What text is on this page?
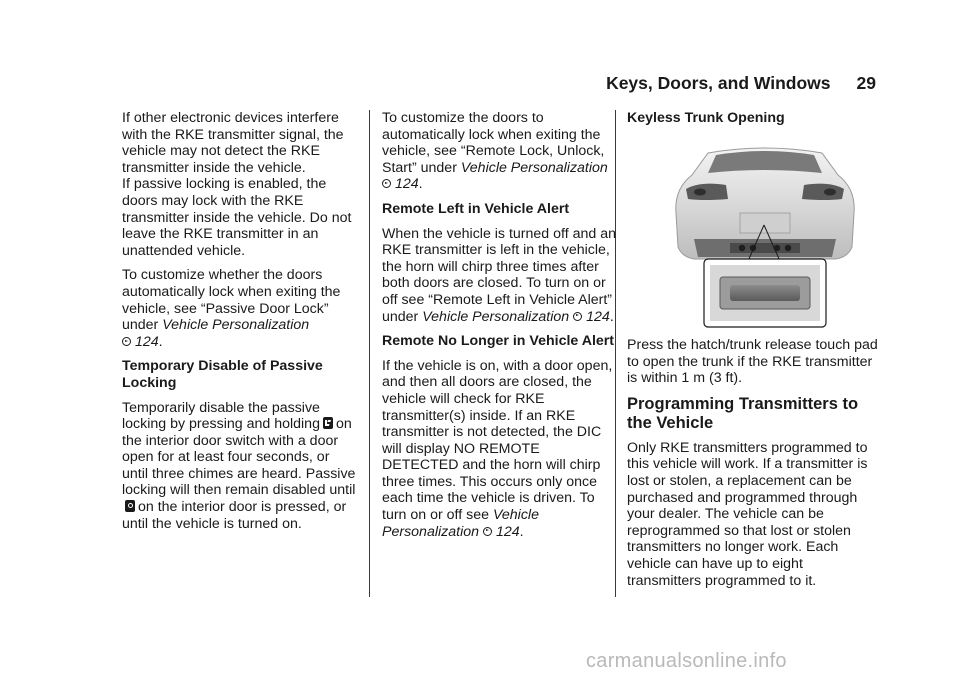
Keys, Doors, and Windows 29

If other electronic devices interfere with the RKE transmitter signal, the vehicle may not detect the RKE transmitter inside the vehicle.

If passive locking is enabled, the doors may lock with the RKE transmitter inside the vehicle. Do not leave the RKE transmitter in an unattended vehicle.

To customize whether the doors automatically lock when exiting the vehicle, see “Passive Door Lock” under Vehicle Personalization
124.

Temporary Disable of Passive Locking

Temporarily disable the passive locking by pressing and holding on the interior door switch with a door open for at least four seconds, or until three chimes are heard. Passive locking will then remain disabled untilon the interior door is pressed, or until the vehicle is turned on.

To customize the doors to automatically lock when exiting the vehicle, see “Remote Lock, Unlock, Start” under Vehicle Personalization
124.

Remote Left in Vehicle Alert

When the vehicle is turned off and an RKE transmitter is left in the vehicle, the horn will chirp three times after both doors are closed. To turn on or off see “Remote Left in Vehicle Alert” under Vehicle Personalization 124.

Remote No Longer in Vehicle Alert

If the vehicle is on, with a door open, and then all doors are closed, the vehicle will check for RKE transmitter(s) inside. If an RKE transmitter is not detected, the DIC will display NO REMOTE DETECTED and the horn will chirp three times. This occurs only once each time the vehicle is driven. To turn on or off see Vehicle Personalization 124.

Keyless Trunk Opening

Press the hatch/trunk release touch pad to open the trunk if the RKE transmitter is within 1 m (3 ft).

Programming Transmitters to the Vehicle

Only RKE transmitters programmed to this vehicle will work. If a transmitter is lost or stolen, a replacement can be purchased and programmed through your dealer. The vehicle can be reprogrammed so that lost or stolen transmitters no longer work. Each vehicle can have up to eight transmitters programmed to it.

carmanualsonline.info
